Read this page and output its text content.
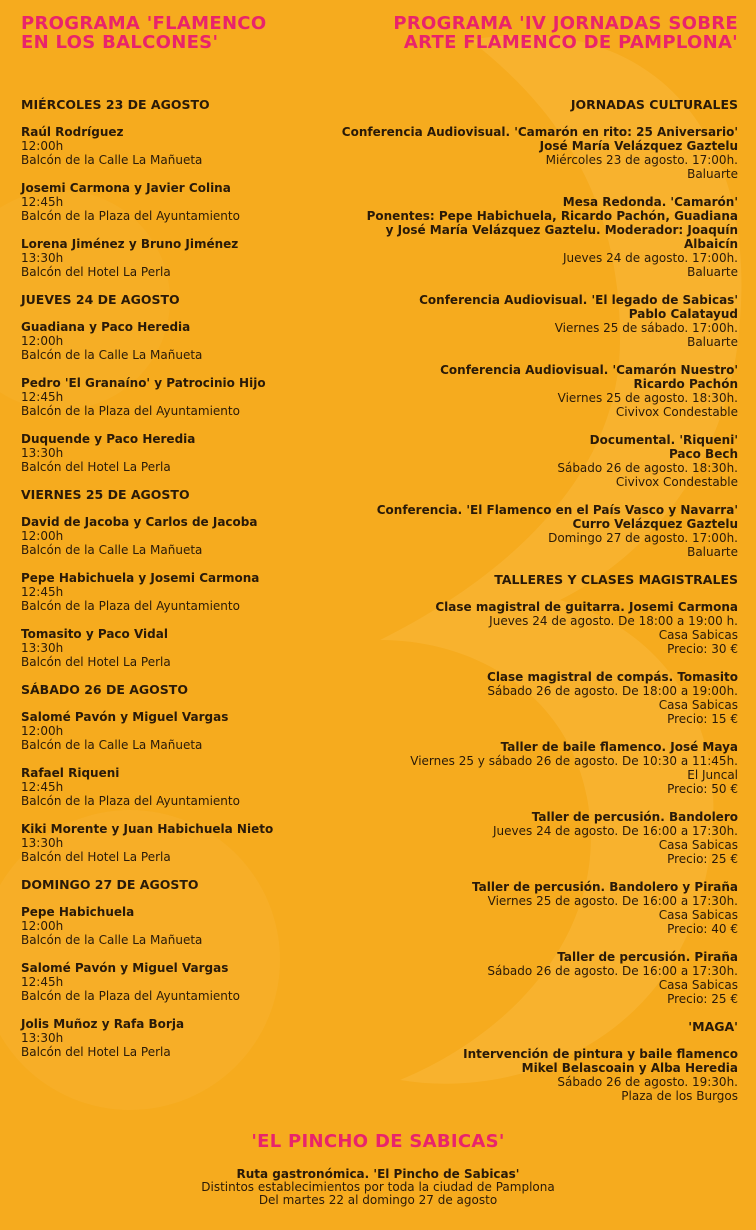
PROGRAMA 'FLAMENCO
EN LOS BALCONES'
MIÉRCOLES 23 DE AGOSTO
Raúl Rodríguez
12:00h
Balcón de la Calle La Mañueta
Josemi Carmona y Javier Colina
12:45h
Balcón de la Plaza del Ayuntamiento
Lorena Jiménez y Bruno Jiménez
13:30h
Balcón del Hotel La Perla
JUEVES 24 DE AGOSTO
Guadiana y Paco Heredia
12:00h
Balcón de la Calle La Mañueta
Pedro 'El Granaíno' y Patrocinio Hijo
12:45h
Balcón de la Plaza del Ayuntamiento
Duquende y Paco Heredia
13:30h
Balcón del Hotel La Perla
VIERNES 25 DE AGOSTO
David de Jacoba y Carlos de Jacoba
12:00h
Balcón de la Calle La Mañueta
Pepe Habichuela y Josemi Carmona
12:45h
Balcón de la Plaza del Ayuntamiento
Tomasito y Paco Vidal
13:30h
Balcón del Hotel La Perla
SÁBADO 26 DE AGOSTO
Salomé Pavón y Miguel Vargas
12:00h
Balcón de la Calle La Mañueta
Rafael Riqueni
12:45h
Balcón de la Plaza del Ayuntamiento
Kiki Morente y Juan Habichuela Nieto
13:30h
Balcón del Hotel La Perla
DOMINGO 27 DE AGOSTO
Pepe Habichuela
12:00h
Balcón de la Calle La Mañueta
Salomé Pavón y Miguel Vargas
12:45h
Balcón de la Plaza del Ayuntamiento
Jolis Muñoz y Rafa Borja
13:30h
Balcón del Hotel La Perla
PROGRAMA 'IV JORNADAS SOBRE
ARTE FLAMENCO DE PAMPLONA'
JORNADAS CULTURALES
Conferencia Audiovisual. 'Camarón en rito: 25 Aniversario'
José María Velázquez Gaztelu
Miércoles 23 de agosto. 17:00h.
Baluarte
Mesa Redonda. 'Camarón'
Ponentes: Pepe Habichuela, Ricardo Pachón, Guadiana
y José María Velázquez Gaztelu. Moderador: Joaquín Albaicín
Jueves 24 de agosto. 17:00h.
Baluarte
Conferencia Audiovisual. 'El legado de Sabicas'
Pablo Calatayud
Viernes 25 de sábado. 17:00h.
Baluarte
Conferencia Audiovisual. 'Camarón Nuestro'
Ricardo Pachón
Viernes 25 de agosto. 18:30h.
Civivox Condestable
Documental. 'Riqueni'
Paco Bech
Sábado 26 de agosto. 18:30h.
Civivox Condestable
Conferencia. 'El Flamenco en el País Vasco y Navarra'
Curro Velázquez Gaztelu
Domingo 27 de agosto. 17:00h.
Baluarte
TALLERES Y CLASES MAGISTRALES
Clase magistral de guitarra. Josemi Carmona
Jueves 24 de agosto. De 18:00 a 19:00 h.
Casa Sabicas
Precio: 30 €
Clase magistral de compás. Tomasito
Sábado 26 de agosto. De 18:00 a 19:00h.
Casa Sabicas
Precio: 15 €
Taller de baile flamenco. José Maya
Viernes 25 y sábado 26 de agosto. De 10:30 a 11:45h.
El Juncal
Precio: 50 €
Taller de percusión. Bandolero
Jueves 24 de agosto. De 16:00 a 17:30h.
Casa Sabicas
Precio: 25 €
Taller de percusión. Bandolero y Piraña
Viernes 25 de agosto. De 16:00 a 17:30h.
Casa Sabicas
Precio: 40 €
Taller de percusión. Piraña
Sábado 26 de agosto. De 16:00 a 17:30h.
Casa Sabicas
Precio: 25 €
'MAGA'
Intervención de pintura y baile flamenco
Mikel Belascoain y Alba Heredia
Sábado 26 de agosto. 19:30h.
Plaza de los Burgos
'EL PINCHO DE SABICAS'
Ruta gastronómica. 'El Pincho de Sabicas'
Distintos establecimientos por toda la ciudad de Pamplona
Del martes 22 al domingo 27 de agosto
